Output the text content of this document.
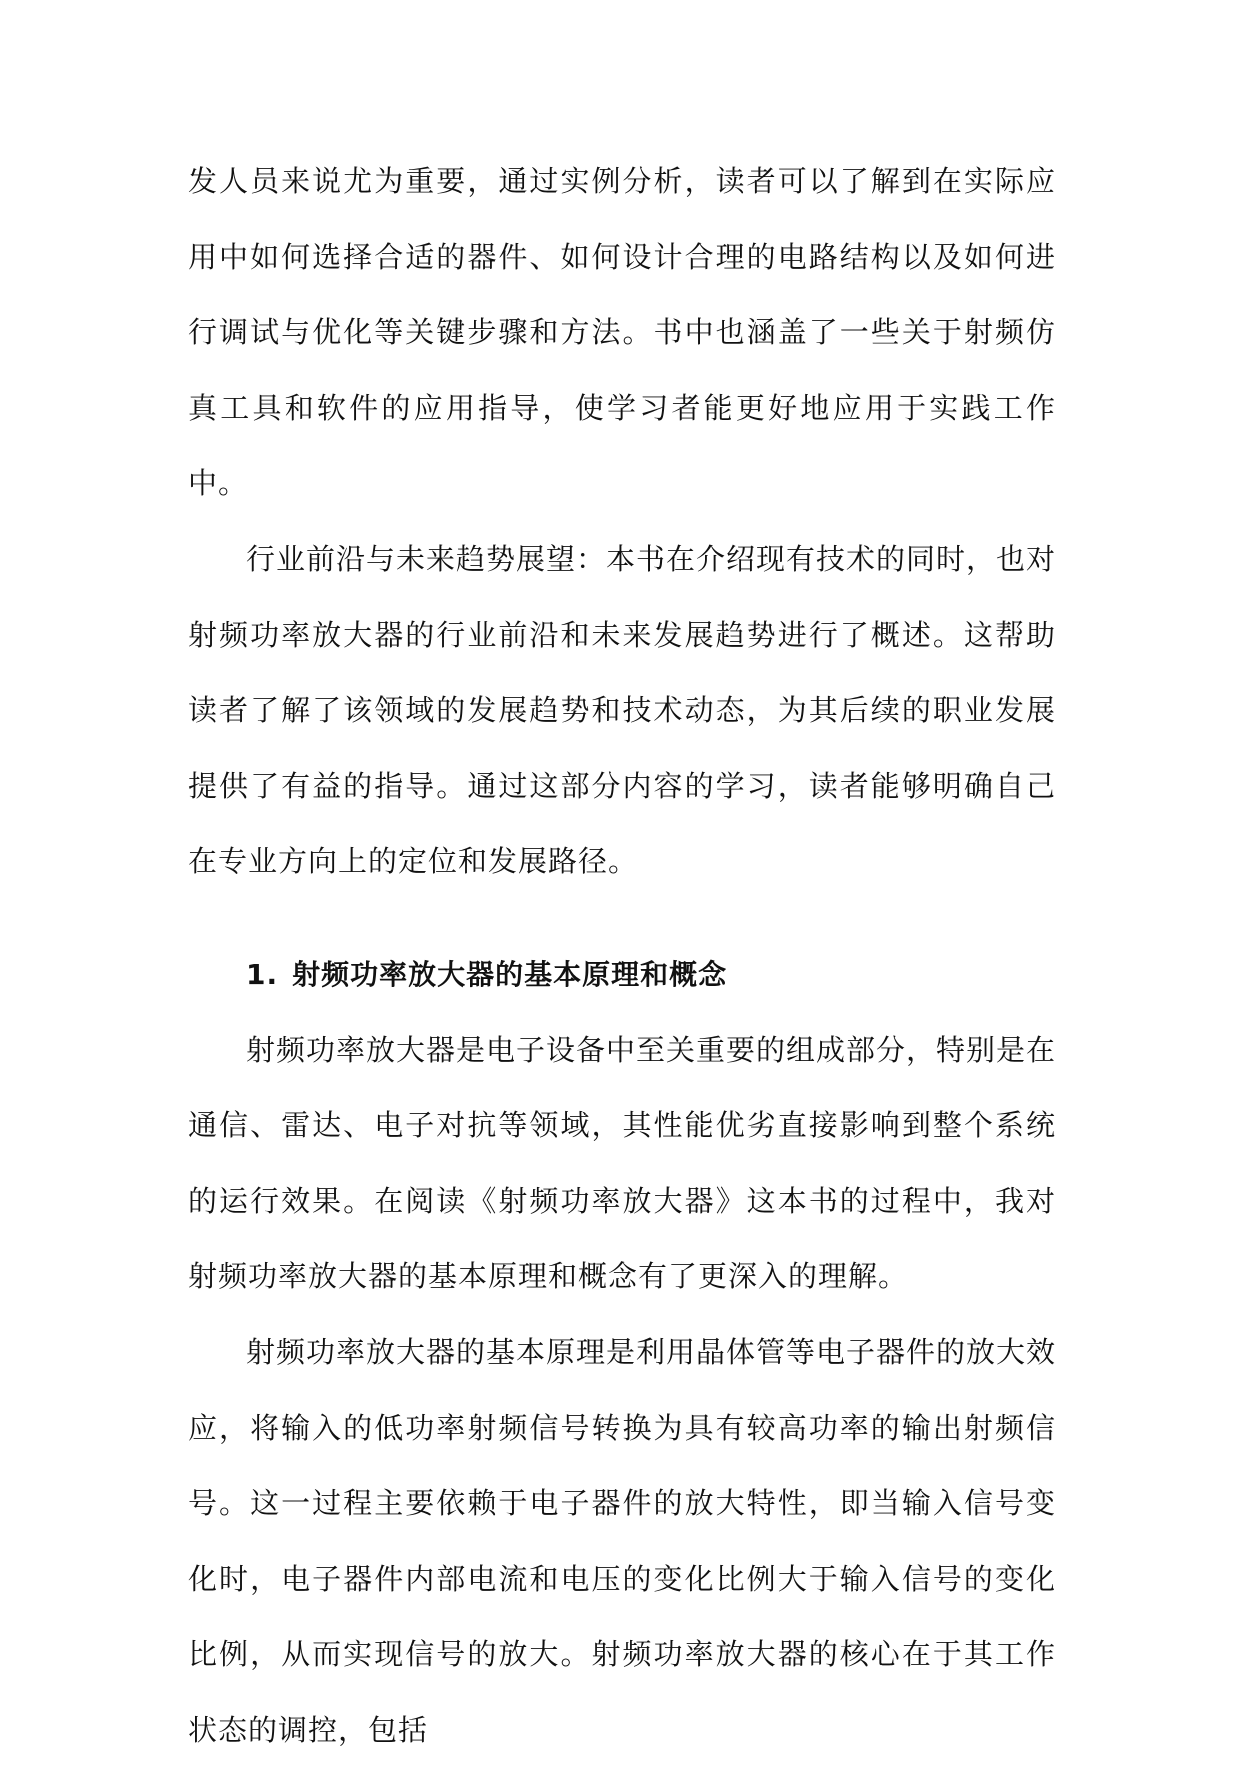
发人员来说尤为重要，通过实例分析，读者可以了解到在实际应用中如何选择合适的器件、如何设计合理的电路结构以及如何进行调试与优化等关键步骤和方法。书中也涵盖了一些关于射频仿真工具和软件的应用指导，使学习者能更好地应用于实践工作中。

行业前沿与未来趋势展望：本书在介绍现有技术的同时，也对射频功率放大器的行业前沿和未来发展趋势进行了概述。这帮助读者了解了该领域的发展趋势和技术动态，为其后续的职业发展提供了有益的指导。通过这部分内容的学习，读者能够明确自己在专业方向上的定位和发展路径。

1. 射频功率放大器的基本原理和概念

射频功率放大器是电子设备中至关重要的组成部分，特别是在通信、雷达、电子对抗等领域，其性能优劣直接影响到整个系统的运行效果。在阅读《射频功率放大器》这本书的过程中，我对射频功率放大器的基本原理和概念有了更深入的理解。

射频功率放大器的基本原理是利用晶体管等电子器件的放大效应，将输入的低功率射频信号转换为具有较高功率的输出射频信号。这一过程主要依赖于电子器件的放大特性，即当输入信号变化时，电子器件内部电流和电压的变化比例大于输入信号的变化比例，从而实现信号的放大。射频功率放大器的核心在于其工作状态的调控，包括
